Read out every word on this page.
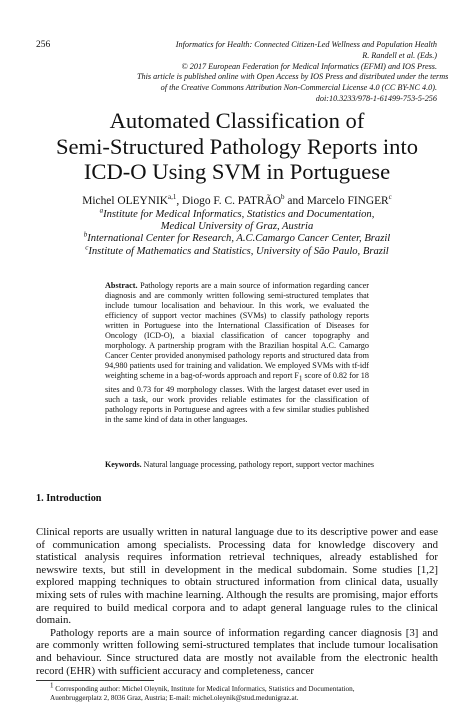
256	Informatics for Health: Connected Citizen-Led Wellness and Population Health
R. Randell et al. (Eds.)
© 2017 European Federation for Medical Informatics (EFMI) and IOS Press.
This article is published online with Open Access by IOS Press and distributed under the terms
of the Creative Commons Attribution Non-Commercial License 4.0 (CC BY-NC 4.0).
doi:10.3233/978-1-61499-753-5-256
Automated Classification of
Semi-Structured Pathology Reports into
ICD-O Using SVM in Portuguese
Michel OLEYNIK$^{a,1}$, Diogo F. C. PATRÃO$^b$ and Marcelo FINGER$^c$
$^a$Institute for Medical Informatics, Statistics and Documentation,
Medical University of Graz, Austria
$^b$International Center for Research, A.C.Camargo Cancer Center, Brazil
$^c$Institute of Mathematics and Statistics, University of São Paulo, Brazil
Abstract. Pathology reports are a main source of information regarding cancer diagnosis and are commonly written following semi-structured templates that include tumour localisation and behaviour. In this work, we evaluated the efficiency of support vector machines (SVMs) to classify pathology reports written in Portuguese into the International Classification of Diseases for Oncology (ICD-O), a biaxial classification of cancer topography and morphology. A partnership program with the Brazilian hospital A.C. Camargo Cancer Center provided anonymised pathology reports and structured data from 94,980 patients used for training and validation. We employed SVMs with tf-idf weighting scheme in a bag-of-words approach and report $F_1$ score of 0.82 for 18 sites and 0.73 for 49 morphology classes. With the largest dataset ever used in such a task, our work provides reliable estimates for the classification of pathology reports in Portuguese and agrees with a few similar studies published in the same kind of data in other languages.
Keywords. Natural language processing, pathology report, support vector machines
1. Introduction

Clinical reports are usually written in natural language due to its descriptive power and ease of communication among specialists. Processing data for knowledge discovery and statistical analysis requires information retrieval techniques, already established for newswire texts, but still in development in the medical subdomain. Some studies [1,2] explored mapping techniques to obtain structured information from clinical data, usually mixing sets of rules with machine learning. Although the results are promising, major efforts are required to build medical corpora and to adapt general language rules to the clinical domain.

Pathology reports are a main source of information regarding cancer diagnosis [3] and are commonly written following semi-structured templates that include tumour localisation and behaviour. Since structured data are mostly not available from the electronic health record (EHR) with sufficient accuracy and completeness, cancer

$^1$ Corresponding author: Michel Oleynik, Institute for Medical Informatics, Statistics and Documentation,
Auenbruggerplatz 2, 8036 Graz, Austria; E-mail: michel.oleynik@stud.medunigraz.at.
